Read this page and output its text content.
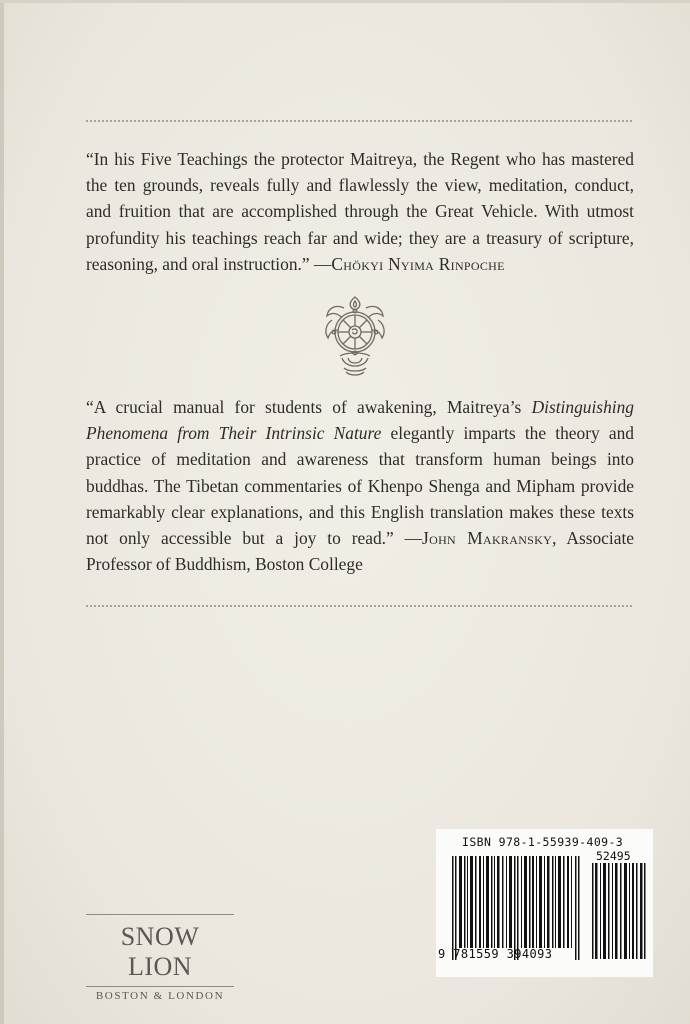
“In his Five Teachings the protector Maitreya, the Regent who has mastered the ten grounds, reveals fully and flawlessly the view, meditation, conduct, and fruition that are accomplished through the Great Vehicle. With utmost profundity his teachings reach far and wide; they are a treasury of scripture, reasoning, and oral instruction.” —Chökyi Nyima Rinpoche

“A crucial manual for students of awakening, Maitreya’s Distinguishing Phenomena from Their Intrinsic Nature elegantly imparts the theory and practice of meditation and awareness that transform human beings into buddhas. The Tibetan commentaries of Khenpo Shenga and Mipham provide remarkably clear explanations, and this English translation makes these texts not only accessible but a joy to read.” —John Makransky, Associate Professor of Buddhism, Boston College

SNOW LION
BOSTON & LONDON
ISBN 978-1-55939-409-3
52495
9 781559 394093
